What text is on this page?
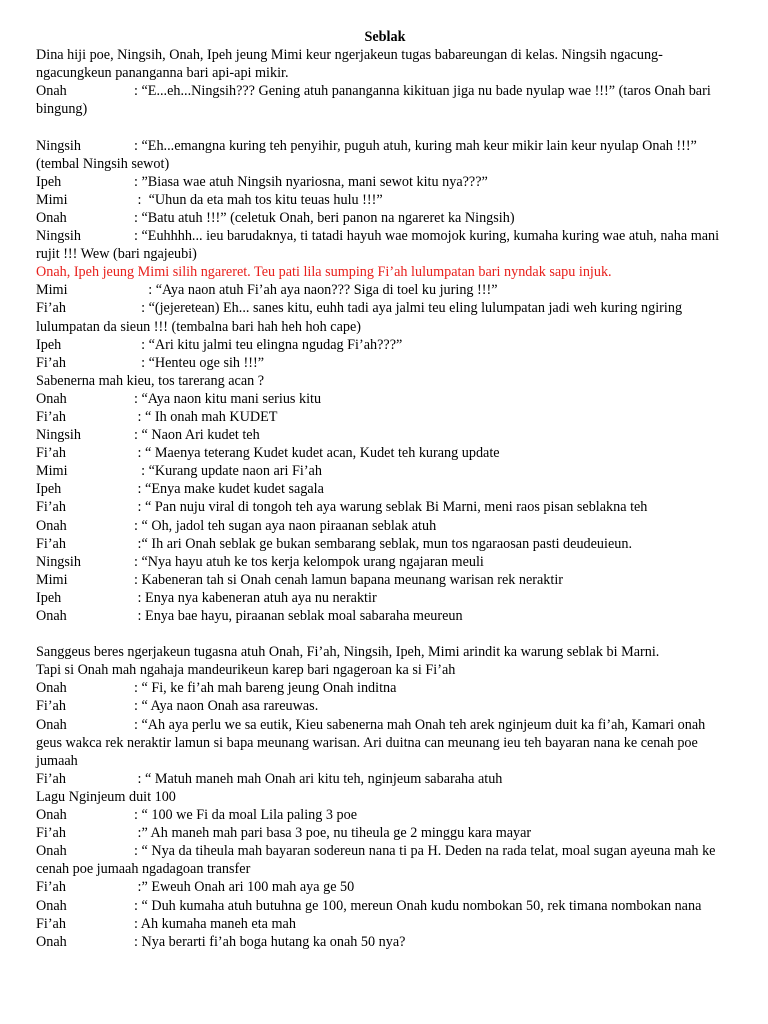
Seblak

Dina hiji poe, Ningsih, Onah, Ipeh jeung Mimi keur ngerjakeun tugas babareungan di kelas. Ningsih ngacung-ngacungkeun pananganna bari api-api mikir.

Onah	: “E...eh...Ningsih??? Gening atuh pananganna kikituan jiga nu bade nyulap wae !!!” (taros Onah bari bingung)
Ningsih	: “Eh...emangna kuring teh penyihir, puguh atuh, kuring mah keur mikir lain keur nyulap Onah !!!” (tembal Ningsih sewot)
Ipeh	: ”Biasa wae atuh Ningsih nyariosna, mani sewot kitu nya???”
Mimi	:  “Uhun da eta mah tos kitu teuas hulu !!!”
Onah	: “Batu atuh !!!” (celetuk Onah, beri panon na ngareret ka Ningsih)
Ningsih	: “Euhhhh... ieu barudaknya, ti tatadi hayuh wae momojok kuring, kumaha kuring wae atuh, naha mani rujit !!! Wew (bari ngajeubi)

Onah, Ipeh jeung Mimi silih ngareret. Teu pati lila sumping Fi’ah lulumpatan bari nyndak sapu injuk.

Mimi	: “Aya naon atuh Fi’ah aya naon??? Siga di toel ku juring !!!”
Fi’ah	: “(jejeretean) Eh... sanes kitu, euhh tadi aya jalmi teu eling lulumpatan jadi weh kuring ngiring lulumpatan da sieun !!! (tembalna bari hah heh hoh cape)
Ipeh	: “Ari kitu jalmi teu elingna ngudag Fi’ah???”
Fi’ah	: “Henteu oge sih !!!”

Sabenerna mah kieu, tos tarerang acan ?

Onah	: “Aya naon kitu mani serius kitu
Fi’ah	: “ Ih onah mah KUDET
Ningsih	: “ Naon Ari kudet teh
Fi’ah	: “ Maenya teterang Kudet kudet acan, Kudet teh kurang update
Mimi	: “Kurang update naon ari Fi’ah
Ipeh	: “Enya make kudet kudet sagala
Fi’ah	: “ Pan nuju viral di tongoh teh aya warung seblak Bi Marni, meni raos pisan seblakna teh
Onah	: “ Oh, jadol teh sugan aya naon piraanan seblak atuh
Fi’ah	:“ Ih ari Onah seblak ge bukan sembarang seblak, mun tos ngaraosan pasti deudeuieun.
Ningsih	: “Nya hayu atuh ke tos kerja kelompok urang ngajaran meuli
Mimi	: Kabeneran tah si Onah cenah lamun bapana meunang warisan rek neraktir
Ipeh	: Enya nya kabeneran atuh aya nu neraktir
Onah	: Enya bae hayu, piraanan seblak moal sabaraha meureun

Sanggeus beres ngerjakeun tugasna atuh Onah, Fi’ah, Ningsih, Ipeh, Mimi arindit ka warung seblak bi Marni.

Tapi si Onah mah ngahaja mandeurikeun karep bari ngageroan ka si Fi’ah

Onah	: “ Fi, ke fi’ah mah bareng jeung Onah inditna
Fi’ah	: “ Aya naon Onah asa rareuwas.
Onah	: “Ah aya perlu we sa eutik, Kieu sabenerna mah Onah teh arek nginjeum duit ka fi’ah, Kamari onah geus wakca rek neraktir lamun si bapa meunang warisan. Ari duitna can meunang ieu teh bayaran nana ke cenah poe jumaah
Fi’ah	: “ Matuh maneh mah Onah ari kitu teh, nginjeum sabaraha atuh

Lagu Nginjeum duit 100

Onah	: “ 100 we Fi da moal Lila paling 3 poe
Fi’ah	:” Ah maneh mah pari basa 3 poe, nu tiheula ge 2 minggu kara mayar
Onah	: “ Nya da tiheula mah bayaran sodereun nana ti pa H. Deden na rada telat, moal sugan ayeuna mah ke cenah poe jumaah ngadagoan transfer
Fi’ah	:” Eweuh Onah ari 100 mah aya ge 50
Onah	: “ Duh kumaha atuh butuhna ge 100, mereun Onah kudu nombokan 50, rek timana nombokan nana
Fi’ah	: Ah kumaha maneh eta mah
Onah	: Nya berarti fi’ah boga hutang ka onah 50 nya?
